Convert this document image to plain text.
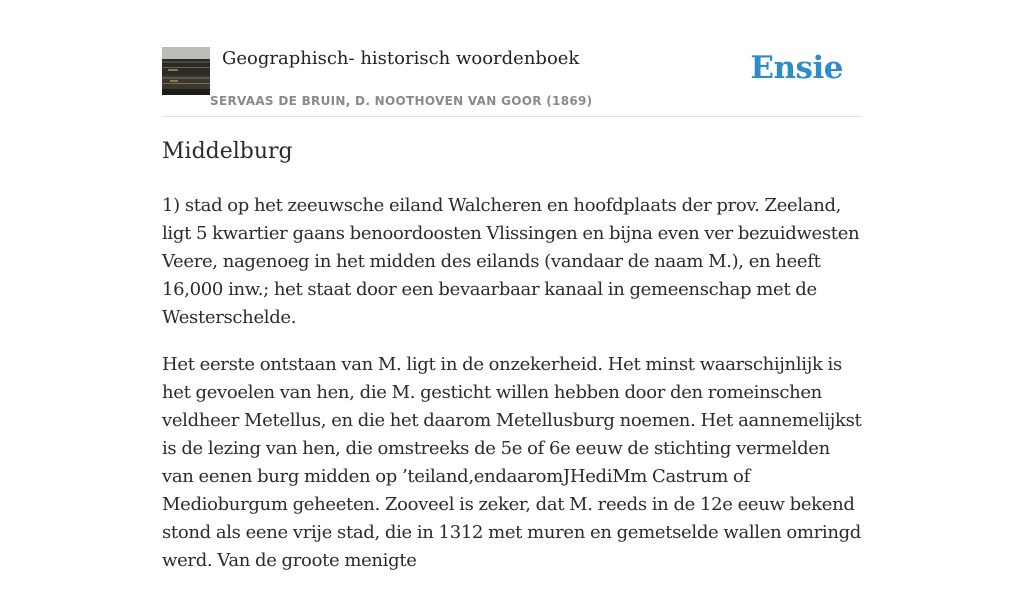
Geographisch- historisch woordenboek
SERVAAS DE BRUIN, D. NOOTHOVEN VAN GOOR (1869)
Ensie
Middelburg

1) stad op het zeeuwsche eiland Walcheren en hoofdplaats der prov. Zeeland, ligt 5 kwartier gaans benoordoosten Vlissingen en bijna even ver bezuidwesten Veere, nagenoeg in het midden des eilands (vandaar de naam M.), en heeft 16,000 inw.; het staat door een bevaarbaar kanaal in gemeenschap met de Westerschelde.

Het eerste ontstaan van M. ligt in de onzekerheid. Het minst waarschijnlijk is het gevoelen van hen, die M. gesticht willen hebben door den romeinschen veldheer Metellus, en die het daarom Metellusburg noemen. Het aannemelijkst is de lezing van hen, die omstreeks de 5e of 6e eeuw de stichting vermelden van eenen burg midden op ’teiland,endaaromJHediMm Castrum of Medioburgum geheeten. Zooveel is zeker, dat M. reeds in de 12e eeuw bekend stond als eene vrije stad, die in 1312 met muren en gemetselde wallen omringd werd. Van de groote menigte
